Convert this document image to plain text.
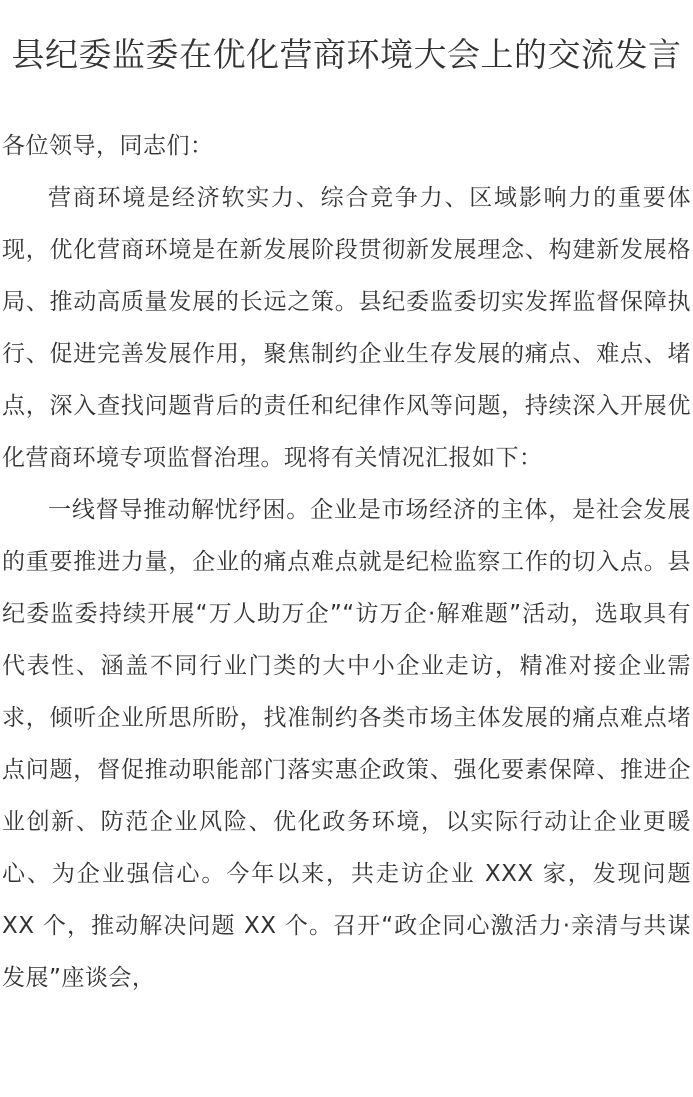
县纪委监委在优化营商环境大会上的交流发言

各位领导，同志们：

营商环境是经济软实力、综合竞争力、区域影响力的重要体现，优化营商环境是在新发展阶段贯彻新发展理念、构建新发展格局、推动高质量发展的长远之策。县纪委监委切实发挥监督保障执行、促进完善发展作用，聚焦制约企业生存发展的痛点、难点、堵点，深入查找问题背后的责任和纪律作风等问题，持续深入开展优化营商环境专项监督治理。现将有关情况汇报如下：

一线督导推动解忧纾困。企业是市场经济的主体，是社会发展的重要推进力量，企业的痛点难点就是纪检监察工作的切入点。县纪委监委持续开展“万人助万企”“访万企·解难题”活动，选取具有代表性、涵盖不同行业门类的大中小企业走访，精准对接企业需求，倾听企业所思所盼，找准制约各类市场主体发展的痛点难点堵点问题，督促推动职能部门落实惠企政策、强化要素保障、推进企业创新、防范企业风险、优化政务环境，以实际行动让企业更暖心、为企业强信心。今年以来，共走访企业 XXX 家，发现问题 XX 个，推动解决问题 XX 个。召开“政企同心激活力·亲清与共谋发展”座谈会，
